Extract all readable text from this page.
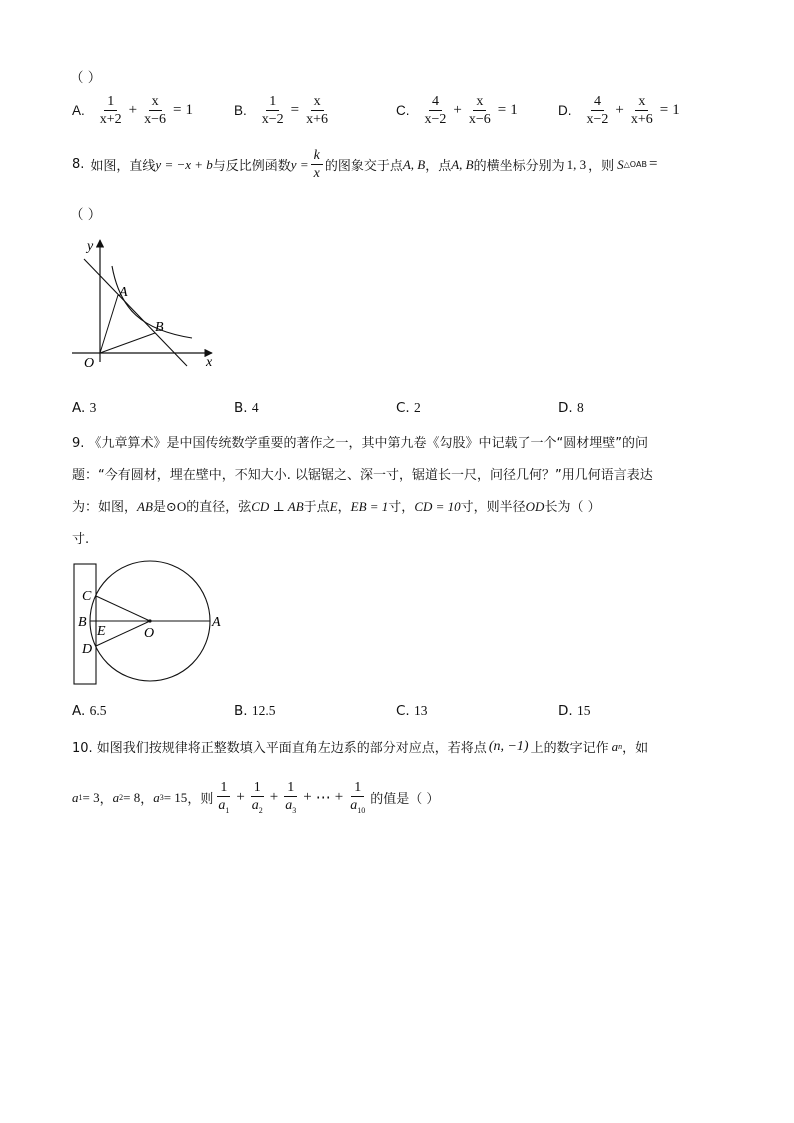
（ ）
A. $\frac{1}{x+2} + \frac{x}{x-6} = 1$	B. $\frac{1}{x-2} = \frac{x}{x+6}$	C. $\frac{4}{x-2} + \frac{x}{x-6} = 1$	D. $\frac{4}{x-2} + \frac{x}{x+6} = 1$
8. 如图，直线 y = −x + b 与反比例函数 $y = \frac{k}{x}$ 的图象交于点 A, B ，点 A, B 的横坐标分别为 1, 3 ，则 S △OAB =
（ ）
y
x
O
A
B
A. 3	B. 4	C. 2	D. 8
9. 《九章算术》是中国传统数学重要的著作之一，其中第九卷《勾股》中记载了一个“圆材埋壁”的问
题：“今有圆材，埋在壁中，不知大小. 以锯锯之、深一寸，锯道长一尺，问径几何？”用几何语言表达
为：如图，AB是⊙O的直径，弦CD ⊥ AB于点E，EB = 1寸，CD = 10寸，则半径OD长为（ ）
寸.
C
B
E
D
O
A
A. 6.5	B. 12.5	C. 13	D. 15
10. 如图我们按规律将正整数填入平面直角左边系的部分对应点，若将点 (n, −1) 上的数字记作 a n ，如
a 1 = 3 ， a 2 = 8 ， a 3 = 15 ，则 $\frac{1}{a_1} + \frac{1}{a_2} + \frac{1}{a_3}$ + ⋯ + $\frac{1}{a_{10}}$ 的值是（ ）
